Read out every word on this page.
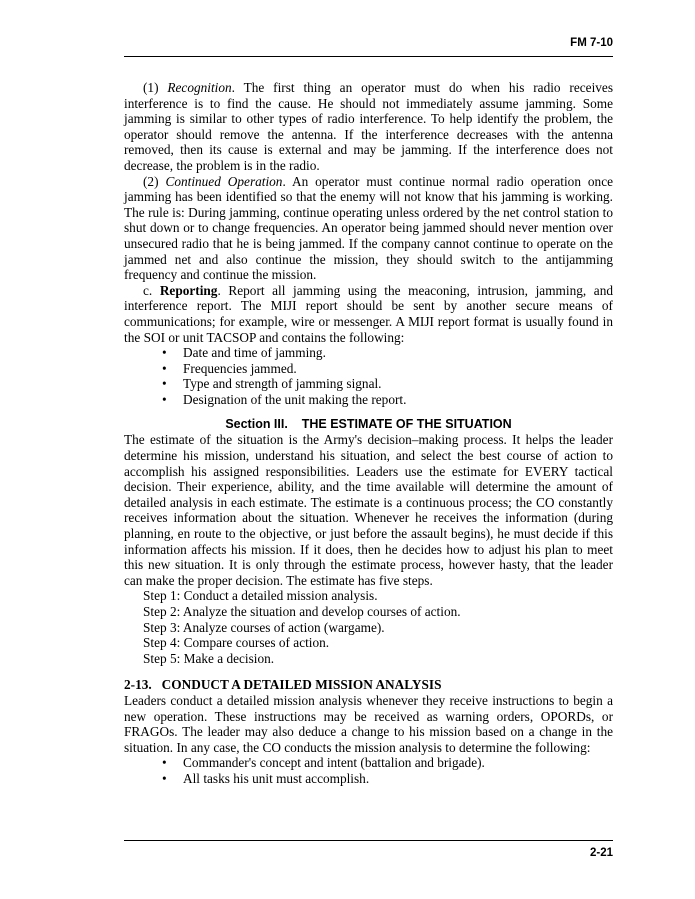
FM 7-10

(1) Recognition. The first thing an operator must do when his radio receives interference is to find the cause. He should not immediately assume jamming. Some jamming is similar to other types of radio interference. To help identify the problem, the operator should remove the antenna. If the interference decreases with the antenna removed, then its cause is external and may be jamming. If the interference does not decrease, the problem is in the radio.

(2) Continued Operation. An operator must continue normal radio operation once jamming has been identified so that the enemy will not know that his jamming is working. The rule is: During jamming, continue operating unless ordered by the net control station to shut down or to change frequencies. An operator being jammed should never mention over unsecured radio that he is being jammed. If the company cannot continue to operate on the jammed net and also continue the mission, they should switch to the antijamming frequency and continue the mission.

c. Reporting. Report all jamming using the meaconing, intrusion, jamming, and interference report. The MIJI report should be sent by another secure means of communications; for example, wire or messenger. A MIJI report format is usually found in the SOI or unit TACSOP and contains the following:

• Date and time of jamming.
• Frequencies jammed.
• Type and strength of jamming signal.
• Designation of the unit making the report.
Section III.    THE ESTIMATE OF THE SITUATION

The estimate of the situation is the Army's decision–making process. It helps the leader determine his mission, understand his situation, and select the best course of action to accomplish his assigned responsibilities. Leaders use the estimate for EVERY tactical decision. Their experience, ability, and the time available will determine the amount of detailed analysis in each estimate. The estimate is a continuous process; the CO constantly receives information about the situation. Whenever he receives the information (during planning, en route to the objective, or just before the assault begins), he must decide if this information affects his mission. If it does, then he decides how to adjust his plan to meet this new situation. It is only through the estimate process, however hasty, that the leader can make the proper decision. The estimate has five steps.

Step 1: Conduct a detailed mission analysis.
Step 2: Analyze the situation and develop courses of action.
Step 3: Analyze courses of action (wargame).
Step 4: Compare courses of action.
Step 5: Make a decision.
2-13.   CONDUCT A DETAILED MISSION ANALYSIS

Leaders conduct a detailed mission analysis whenever they receive instructions to begin a new operation. These instructions may be received as warning orders, OPORDs, or FRAGOs. The leader may also deduce a change to his mission based on a change in the situation. In any case, the CO conducts the mission analysis to determine the following:

• Commander's concept and intent (battalion and brigade).
• All tasks his unit must accomplish.
2-21
